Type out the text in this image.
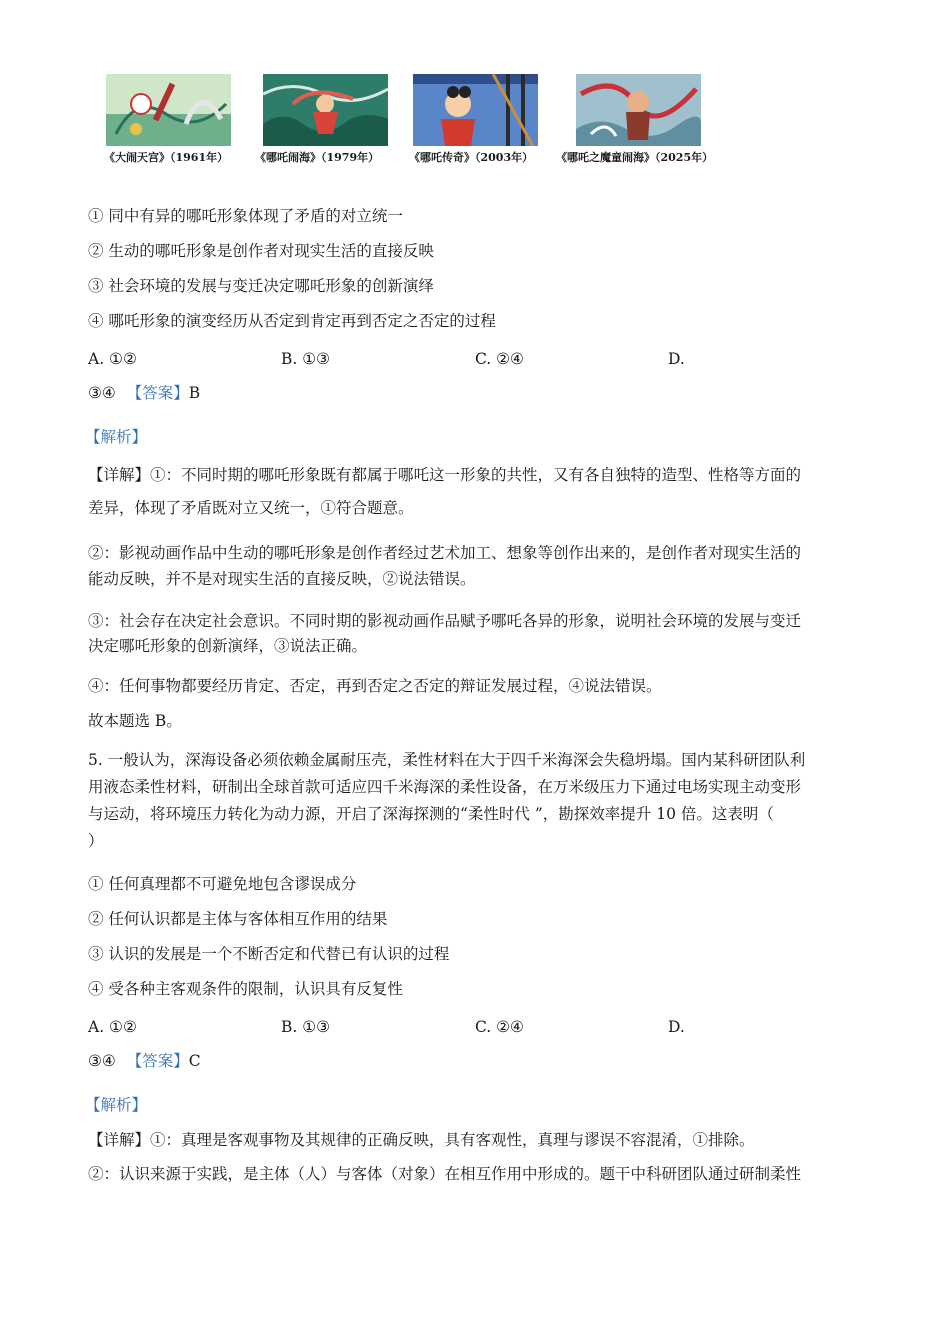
《大闹天宫》（1961年） 《哪吒闹海》（1979年）	《哪吒传奇》（2003年） 《哪吒之魔童闹海》（2025年）
① 同中有异的哪吒形象体现了矛盾的对立统一
② 生动的哪吒形象是创作者对现实生活的直接反映
③ 社会环境的发展与变迁决定哪吒形象的创新演绎
④ 哪吒形象的演变经历从否定到肯定再到否定之否定的过程
A. ①②	B. ①③	C. ②④	D.
③④ 【答案】B
【解析】
【详解】①：不同时期的哪吒形象既有都属于哪吒这一形象的共性，又有各自独特的造型、性格等方面的
差异，体现了矛盾既对立又统一，①符合题意。
②：影视动画作品中生动的哪吒形象是创作者经过艺术加工、想象等创作出来的，是创作者对现实生活的
能动反映，并不是对现实生活的直接反映，②说法错误。
③：社会存在决定社会意识。不同时期的影视动画作品赋予哪吒各异的形象，说明社会环境的发展与变迁
决定哪吒形象的创新演绎，③说法正确。
④：任何事物都要经历肯定、否定，再到否定之否定的辩证发展过程，④说法错误。
故本题选 B。
5. 一般认为，深海设备必须依赖金属耐压壳，柔性材料在大于四千米海深会失稳坍塌。国内某科研团队利
用液态柔性材料，研制出全球首款可适应四千米海深的柔性设备，在万米级压力下通过电场实现主动变形
与运动，将环境压力转化为动力源，开启了深海探测的“柔性时代 ”，勘探效率提升 10 倍。这表明（
）
① 任何真理都不可避免地包含谬误成分
② 任何认识都是主体与客体相互作用的结果
③ 认识的发展是一个不断否定和代替已有认识的过程
④ 受各种主客观条件的限制，认识具有反复性
A. ①②	B. ①③	C. ②④	D.
③④ 【答案】C
【解析】
【详解】①：真理是客观事物及其规律的正确反映，具有客观性，真理与谬误不容混淆，①排除。
②：认识来源于实践，是主体（人）与客体（对象）在相互作用中形成的。题干中科研团队通过研制柔性
